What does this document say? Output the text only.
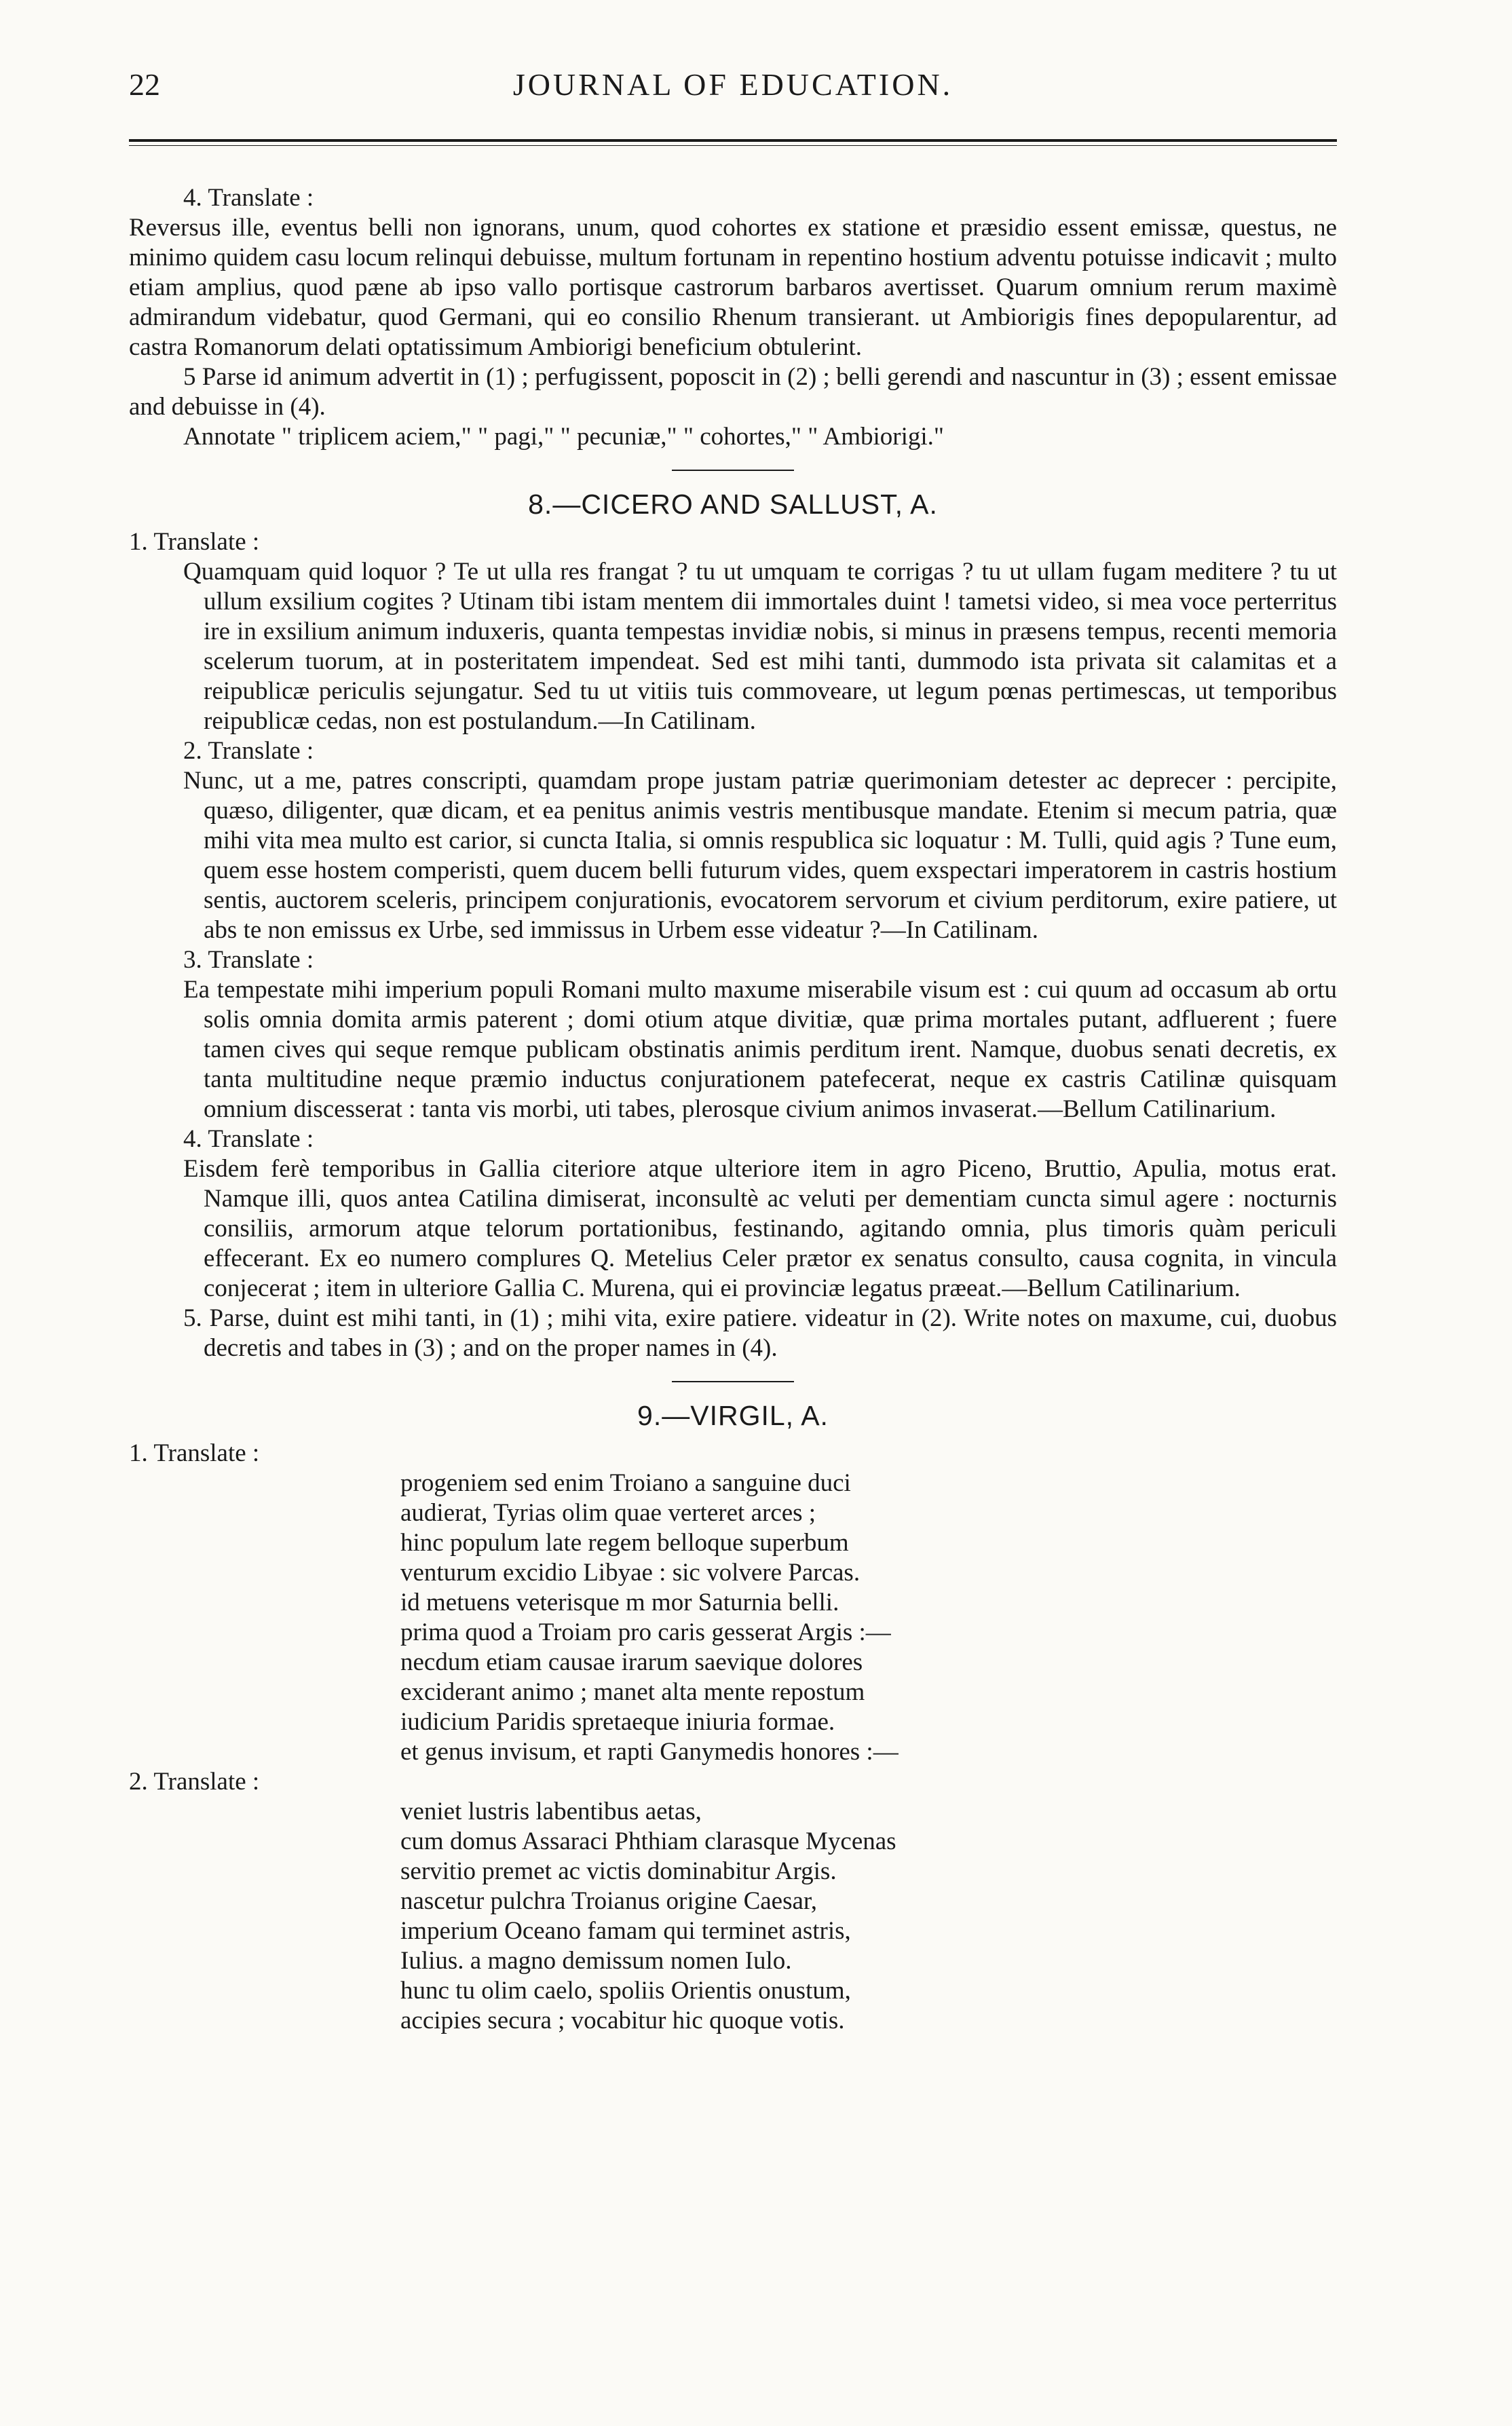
22	JOURNAL OF EDUCATION.

4. Translate :

Reversus ille, eventus belli non ignorans, unum, quod cohortes ex statione et præsidio essent emissæ, questus, ne minimo quidem casu locum relinqui debuisse, multum fortunam in repentino hostium adventu potuisse indicavit ; multo etiam amplius, quod pæne ab ipso vallo portisque castrorum barbaros avertisset. Quarum omnium rerum maximè admirandum videbatur, quod Germani, qui eo consilio Rhenum transierant. ut Ambiorigis fines depopularentur, ad castra Romanorum delati optatissimum Ambiorigi beneficium obtulerint.

5 Parse id animum advertit in (1) ; perfugissent, poposcit in (2) ; belli gerendi and nascuntur in (3) ; essent emissae and debuisse in (4).

Annotate " triplicem aciem," " pagi," " pecuniæ," " cohortes," " Ambiorigi."

8.—CICERO AND SALLUST, A.

1. Translate :

Quamquam quid loquor ? Te ut ulla res frangat ? tu ut umquam te corrigas ? tu ut ullam fugam meditere ? tu ut ullum exsilium cogites ? Utinam tibi istam mentem dii immortales duint ! tametsi video, si mea voce perterritus ire in exsilium animum induxeris, quanta tempestas invidiæ nobis, si minus in præsens tempus, recenti memoria scelerum tuorum, at in posteritatem impendeat. Sed est mihi tanti, dummodo ista privata sit calamitas et a reipublicæ periculis sejungatur. Sed tu ut vitiis tuis commoveare, ut legum pœnas pertimescas, ut temporibus reipublicæ cedas, non est postulandum.—In Catilinam.

2. Translate :

Nunc, ut a me, patres conscripti, quamdam prope justam patriæ querimoniam detester ac deprecer : percipite, quæso, diligenter, quæ dicam, et ea penitus animis vestris mentibusque mandate. Etenim si mecum patria, quæ mihi vita mea multo est carior, si cuncta Italia, si omnis respublica sic loquatur : M. Tulli, quid agis ? Tune eum, quem esse hostem comperisti, quem ducem belli futurum vides, quem exspectari imperatorem in castris hostium sentis, auctorem sceleris, principem conjurationis, evocatorem servorum et civium perditorum, exire patiere, ut abs te non emissus ex Urbe, sed immissus in Urbem esse videatur ?—In Catilinam.

3. Translate :

Ea tempestate mihi imperium populi Romani multo maxume miserabile visum est : cui quum ad occasum ab ortu solis omnia domita armis paterent ; domi otium atque divitiæ, quæ prima mortales putant, adfluerent ; fuere tamen cives qui seque remque publicam obstinatis animis perditum irent. Namque, duobus senati decretis, ex tanta multitudine neque præmio inductus conjurationem patefecerat, neque ex castris Catilinæ quisquam omnium discesserat : tanta vis morbi, uti tabes, plerosque civium animos invaserat.—Bellum Catilinarium.

4. Translate :

Eisdem ferè temporibus in Gallia citeriore atque ulteriore item in agro Piceno, Bruttio, Apulia, motus erat. Namque illi, quos antea Catilina dimiserat, inconsultè ac veluti per dementiam cuncta simul agere : nocturnis consiliis, armorum atque telorum portationibus, festinando, agitando omnia, plus timoris quàm periculi effecerant. Ex eo numero complures Q. Metelius Celer prætor ex senatus consulto, causa cognita, in vincula conjecerat ; item in ulteriore Gallia C. Murena, qui ei provinciæ legatus præeat.—Bellum Catilinarium.

5. Parse, duint est mihi tanti, in (1) ; mihi vita, exire patiere. videatur in (2). Write notes on maxume, cui, duobus decretis and tabes in (3) ; and on the proper names in (4).

9.—VIRGIL, A.

1. Translate :

progeniem sed enim Troiano a sanguine duci

audierat, Tyrias olim quae verteret arces ;

hinc populum late regem belloque superbum

venturum excidio Libyae : sic volvere Parcas.

id metuens veterisque m mor Saturnia belli.

prima quod a Troiam pro caris gesserat Argis :—

necdum etiam causae irarum saevique dolores

exciderant animo ; manet alta mente repostum

iudicium Paridis spretaeque iniuria formae.

et genus invisum, et rapti Ganymedis honores :—

2. Translate :

veniet lustris labentibus aetas,

cum domus Assaraci Phthiam clarasque Mycenas

servitio premet ac victis dominabitur Argis.

nascetur pulchra Troianus origine Caesar,

imperium Oceano famam qui terminet astris,

Iulius. a magno demissum nomen Iulo.

hunc tu olim caelo, spoliis Orientis onustum,

accipies secura ; vocabitur hic quoque votis.
